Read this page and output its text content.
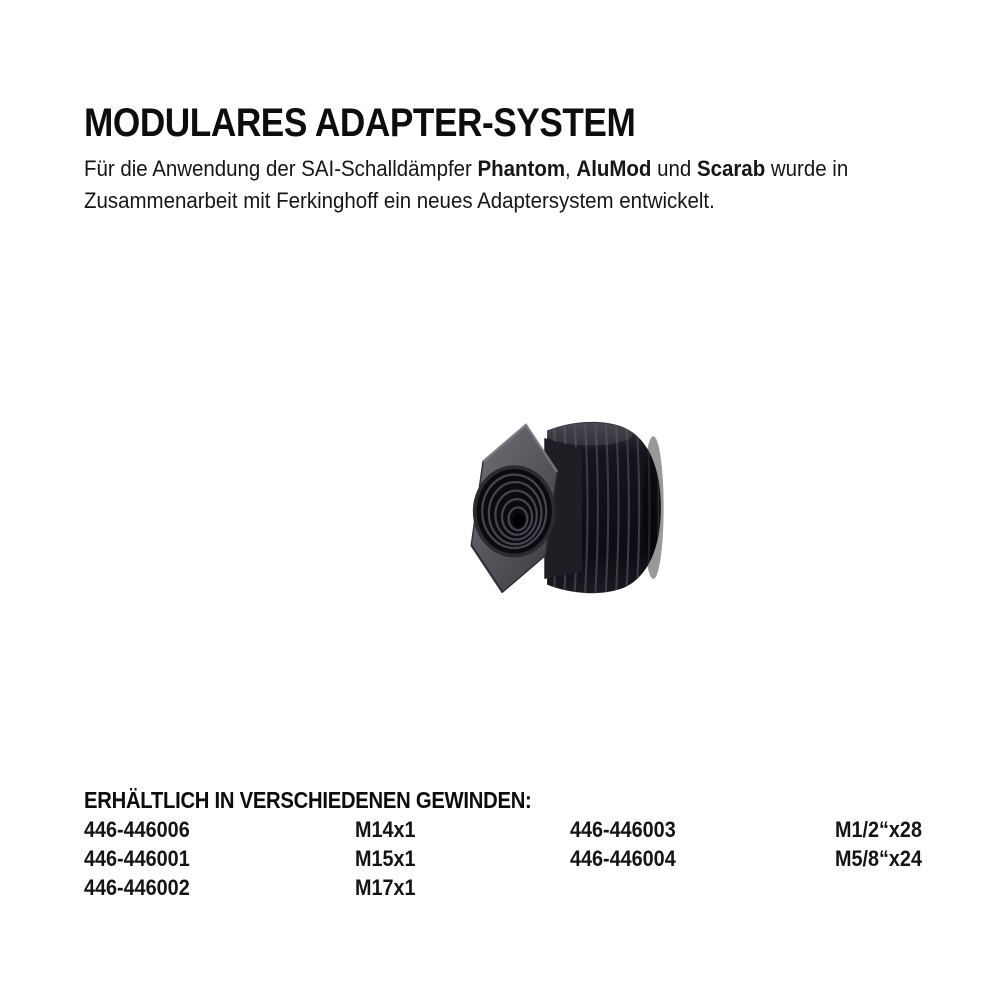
MODULARES ADAPTER-SYSTEM

Für die Anwendung der SAI-Schalldämpfer Phantom, AluMod und Scarab wurde in Zusammenarbeit mit Ferkinghoff ein neues Adaptersystem entwickelt.

ERHÄLTLICH IN VERSCHIEDENEN GEWINDEN:
446-446006	M14x1	446-446003	M1/2“x28
446-446001	M15x1	446-446004	M5/8“x24
446-446002	M17x1
